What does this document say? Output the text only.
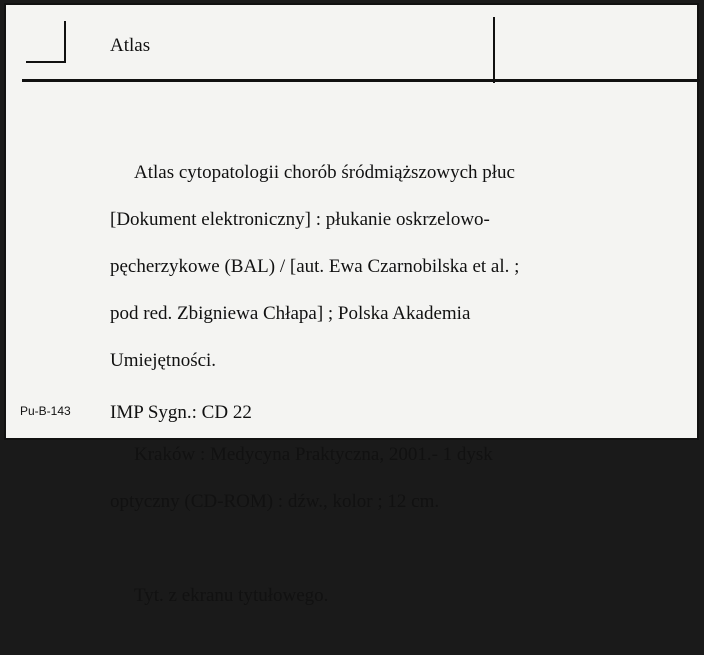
Atlas

Atlas cytopatologii chorób śródmiąższowych płuc

[Dokument elektroniczny] : płukanie oskrzelowo-

pęcherzykowe (BAL) / [aut. Ewa Czarnobilska et al. ;

pod red. Zbigniewa Chłapa] ; Polska Akademia

Umiejętności.

Kraków : Medycyna Praktyczna, 2001.- 1 dysk

optyczny (CD-ROM) : dźw., kolor ; 12 cm.

Tyt. z ekranu tytułowego.

Pu-B-143 IMP Sygn.: CD 22
